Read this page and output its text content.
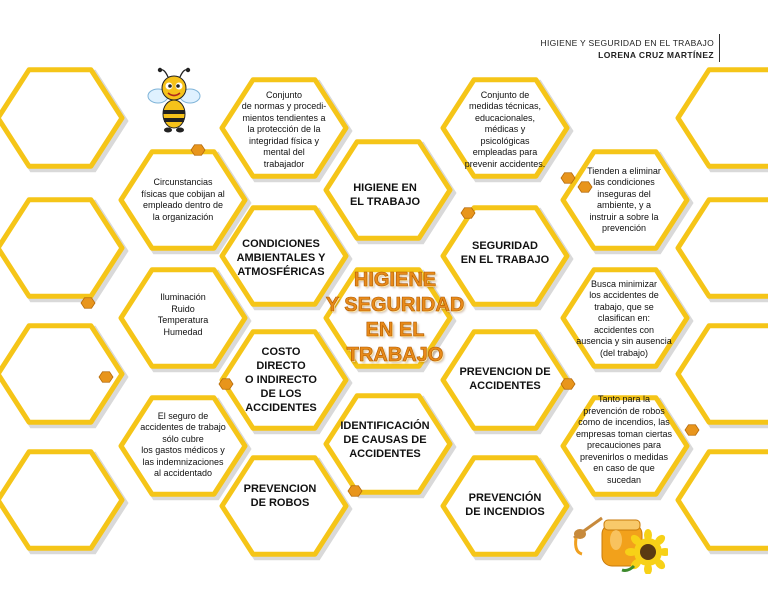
HIGIENE Y SEGURIDAD EN EL TRABAJO
LORENA CRUZ MARTÍNEZ
Circunstancias
físicas que cobijan al
empleado dentro de
la organización
Iluminación
Ruido
Temperatura
Humedad
El seguro de
accidentes de trabajo
sólo cubre
los gastos médicos y
las indemnizaciones
al accidentado
Conjunto
de normas y procedi-
mientos tendientes a
la protección de la
integridad física y
mental del
trabajador
CONDICIONES
AMBIENTALES Y
ATMOSFÉRICAS
COSTO
DIRECTO
O INDIRECTO
DE LOS
ACCIDENTES
PREVENCION
DE ROBOS
HIGIENE EN
EL TRABAJO
HIGIENE
Y SEGURIDAD
EN EL
TRABAJO
IDENTIFICACIÓN
DE CAUSAS DE
ACCIDENTES
Conjunto de
medidas técnicas,
educacionales,
médicas y
psicológicas
empleadas para
prevenir accidentes.
SEGURIDAD
EN EL TRABAJO
PREVENCION DE
ACCIDENTES
PREVENCIÓN
DE INCENDIOS
Tienden a eliminar
las condiciones
inseguras del
ambiente, y a
instruir a sobre la
prevención
Busca minimizar
los accidentes de
trabajo, que se
clasifican en:
accidentes con
ausencia y sin ausencia
(del trabajo)
Tanto para la
prevención de robos
como de incendios, las
empresas toman ciertas
precauciones para
prevenirlos o medidas
en caso de que
sucedan
